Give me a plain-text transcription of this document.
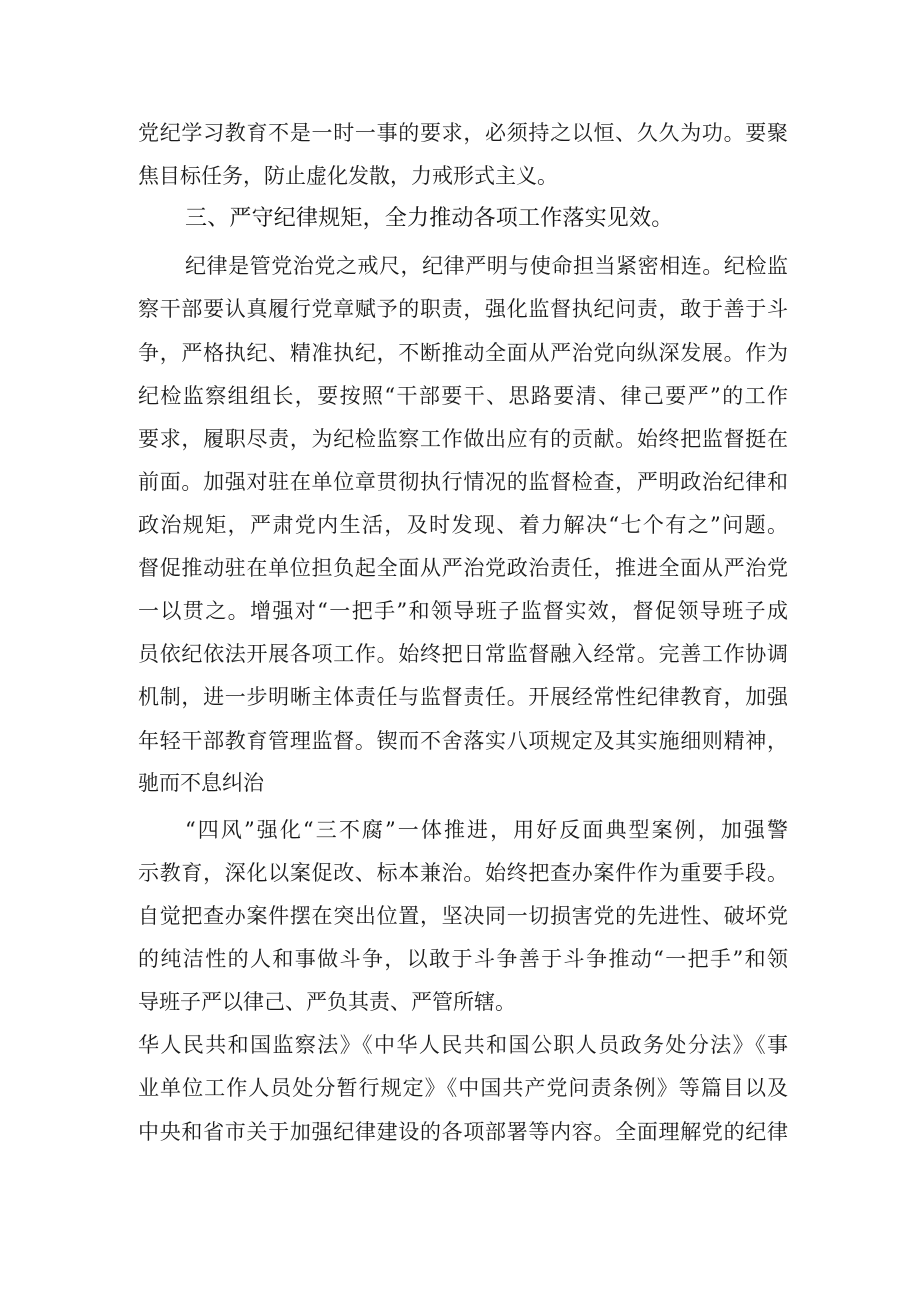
党纪学习教育不是一时一事的要求，必须持之以恒、久久为功。要聚
焦目标任务，防止虚化发散，力戒形式主义。
三、严守纪律规矩，全力推动各项工作落实见效。
纪律是管党治党之戒尺，纪律严明与使命担当紧密相连。纪检监
察干部要认真履行党章赋予的职责，强化监督执纪问责，敢于善于斗
争，严格执纪、精准执纪，不断推动全面从严治党向纵深发展。作为
纪检监察组组长，要按照“干部要干、思路要清、律己要严”的工作
要求，履职尽责，为纪检监察工作做出应有的贡献。始终把监督挺在
前面。加强对驻在单位章贯彻执行情况的监督检查，严明政治纪律和
政治规矩，严肃党内生活，及时发现、着力解决“七个有之”问题。
督促推动驻在单位担负起全面从严治党政治责任，推进全面从严治党
一以贯之。增强对“一把手”和领导班子监督实效，督促领导班子成
员依纪依法开展各项工作。始终把日常监督融入经常。完善工作协调
机制，进一步明晰主体责任与监督责任。开展经常性纪律教育，加强
年轻干部教育管理监督。锲而不舍落实八项规定及其实施细则精神，
驰而不息纠治
“四风”强化“三不腐”一体推进，用好反面典型案例，加强警
示教育，深化以案促改、标本兼治。始终把查办案件作为重要手段。
自觉把查办案件摆在突出位置，坚决同一切损害党的先进性、破坏党
的纯洁性的人和事做斗争，以敢于斗争善于斗争推动“一把手”和领
导班子严以律己、严负其责、严管所辖。
华人民共和国监察法》《中华人民共和国公职人员政务处分法》《事
业单位工作人员处分暂行规定》《中国共产党问责条例》等篇目以及
中央和省市关于加强纪律建设的各项部署等内容。全面理解党的纪律
